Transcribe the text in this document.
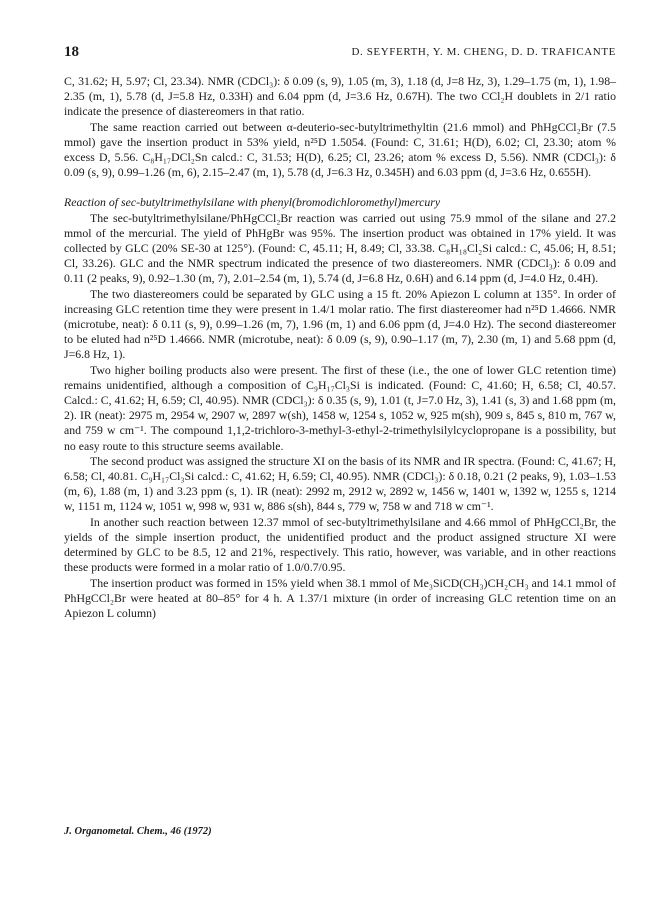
18	D. SEYFERTH, Y. M. CHENG, D. D. TRAFICANTE

C, 31.62; H, 5.97; Cl, 23.34). NMR (CDCl₃): δ 0.09 (s, 9), 1.05 (m, 3), 1.18 (d, J=8 Hz, 3), 1.29–1.75 (m, 1), 1.98–2.35 (m, 1), 5.78 (d, J=5.8 Hz, 0.33H) and 6.04 ppm (d, J=3.6 Hz, 0.67H). The two CCl₂H doublets in 2/1 ratio indicate the presence of diastereomers in that ratio.

The same reaction carried out between α-deuterio-sec-butyltrimethyltin (21.6 mmol) and PhHgCCl₂Br (7.5 mmol) gave the insertion product in 53% yield, n²⁵D 1.5054. (Found: C, 31.61; H(D), 6.02; Cl, 23.30; atom % excess D, 5.56. C₈H₁₇DCl₂Sn calcd.: C, 31.53; H(D), 6.25; Cl, 23.26; atom % excess D, 5.56). NMR (CDCl₃): δ 0.09 (s, 9), 0.99–1.26 (m, 6), 2.15–2.47 (m, 1), 5.78 (d, J=6.3 Hz, 0.345H) and 6.03 ppm (d, J=3.6 Hz, 0.655H).

Reaction of sec-butyltrimethylsilane with phenyl(bromodichloromethyl)mercury

The sec-butyltrimethylsilane/PhHgCCl₂Br reaction was carried out using 75.9 mmol of the silane and 27.2 mmol of the mercurial. The yield of PhHgBr was 95%. The insertion product was obtained in 17% yield. It was collected by GLC (20% SE-30 at 125°). (Found: C, 45.11; H, 8.49; Cl, 33.38. C₈H₁₈Cl₂Si calcd.: C, 45.06; H, 8.51; Cl, 33.26). GLC and the NMR spectrum indicated the presence of two diastereomers. NMR (CDCl₃): δ 0.09 and 0.11 (2 peaks, 9), 0.92–1.30 (m, 7), 2.01–2.54 (m, 1), 5.74 (d, J=6.8 Hz, 0.6H) and 6.14 ppm (d, J=4.0 Hz, 0.4H).

The two diastereomers could be separated by GLC using a 15 ft. 20% Apiezon L column at 135°. In order of increasing GLC retention time they were present in 1.4/1 molar ratio. The first diastereomer had n²⁵D 1.4666. NMR (microtube, neat): δ 0.11 (s, 9), 0.99–1.26 (m, 7), 1.96 (m, 1) and 6.06 ppm (d, J=4.0 Hz). The second diastereomer to be eluted had n²⁵D 1.4666. NMR (microtube, neat): δ 0.09 (s, 9), 0.90–1.17 (m, 7), 2.30 (m, 1) and 5.68 ppm (d, J=6.8 Hz, 1).

Two higher boiling products also were present. The first of these (i.e., the one of lower GLC retention time) remains unidentified, although a composition of C₉H₁₇Cl₃Si is indicated. (Found: C, 41.60; H, 6.58; Cl, 40.57. Calcd.: C, 41.62; H, 6.59; Cl, 40.95). NMR (CDCl₃): δ 0.35 (s, 9), 1.01 (t, J=7.0 Hz, 3), 1.41 (s, 3) and 1.68 ppm (m, 2). IR (neat): 2975 m, 2954 w, 2907 w, 2897 w(sh), 1458 w, 1254 s, 1052 w, 925 m(sh), 909 s, 845 s, 810 m, 767 w, and 759 w cm⁻¹. The compound 1,1,2-trichloro-3-methyl-3-ethyl-2-trimethylsilylcyclopropane is a possibility, but no easy route to this structure seems available.

The second product was assigned the structure XI on the basis of its NMR and IR spectra. (Found: C, 41.67; H, 6.58; Cl, 40.81. C₉H₁₇Cl₃Si calcd.: C, 41.62; H, 6.59; Cl, 40.95). NMR (CDCl₃): δ 0.18, 0.21 (2 peaks, 9), 1.03–1.53 (m, 6), 1.88 (m, 1) and 3.23 ppm (s, 1). IR (neat): 2992 m, 2912 w, 2892 w, 1456 w, 1401 w, 1392 w, 1255 s, 1214 w, 1151 m, 1124 w, 1051 w, 998 w, 931 w, 886 s(sh), 844 s, 779 w, 758 w and 718 w cm⁻¹.

In another such reaction between 12.37 mmol of sec-butyltrimethylsilane and 4.66 mmol of PhHgCCl₂Br, the yields of the simple insertion product, the unidentified product and the product assigned structure XI were determined by GLC to be 8.5, 12 and 21%, respectively. This ratio, however, was variable, and in other reactions these products were formed in a molar ratio of 1.0/0.7/0.95.

The insertion product was formed in 15% yield when 38.1 mmol of Me₃SiCD(CH₃)CH₂CH₃ and 14.1 mmol of PhHgCCl₂Br were heated at 80–85° for 4 h. A 1.37/1 mixture (in order of increasing GLC retention time on an Apiezon L column)

J. Organometal. Chem., 46 (1972)
